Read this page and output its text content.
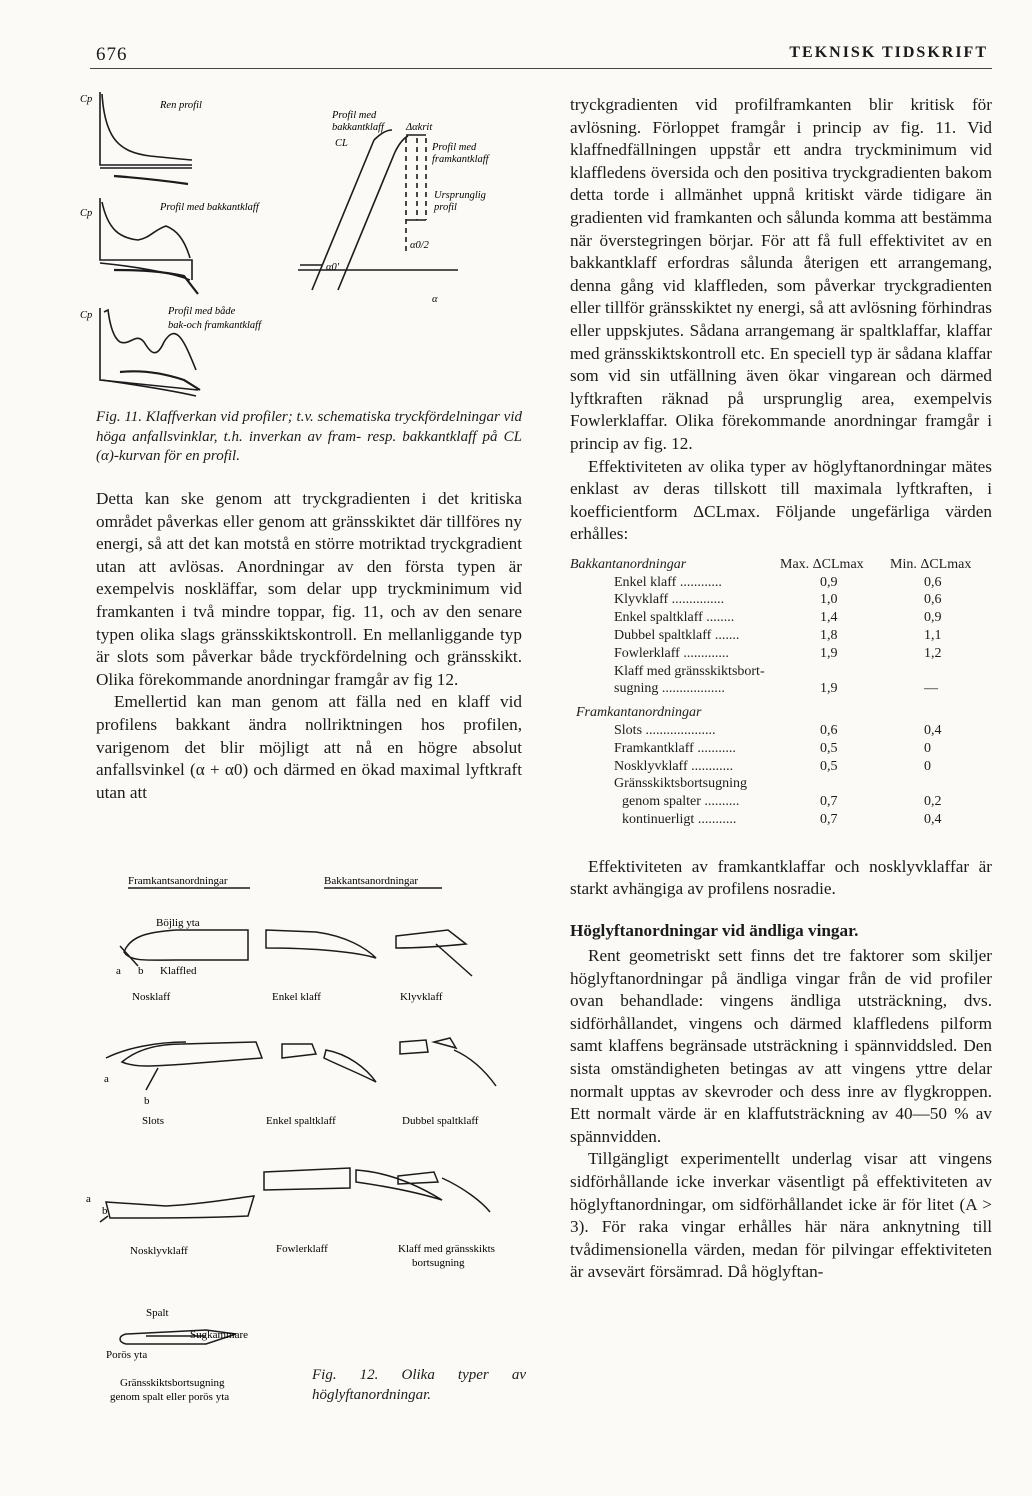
676	TEKNISK TIDSKRIFT
Cp
Cp
Cp
Ren profil
Profil med bakkantklaff
Profil med både
bak-och framkantklaff
Profil med
bakkantklaff
CL
Δαkrit
Profil med
framkantklaff
Ursprunglig
profil
α0/2
α0'
α
Fig. 11. Klaffverkan vid profiler; t.v. schematiska tryckfördelningar vid höga anfallsvinklar, t.h. inverkan av fram- resp. bakkantklaff på CL (α)-kurvan för en profil.

Detta kan ske genom att tryckgradienten i det kritiska området påverkas eller genom att gränsskiktet där tillföres ny energi, så att det kan motstå en större motriktad tryckgradient utan att avlösas. Anordningar av den första typen är exempelvis noskläffar, som delar upp tryckminimum vid framkanten i två mindre toppar, fig. 11, och av den senare typen olika slags gränsskiktskontroll. En mellanliggande typ är slots som påverkar både tryckfördelning och gränsskikt. Olika förekommande anordningar framgår av fig 12.

Emellertid kan man genom att fälla ned en klaff vid profilens bakkant ändra nollriktningen hos profilen, varigenom det blir möjligt att nå en högre absolut anfallsvinkel (α + α0) och därmed en ökad maximal lyftkraft utan att

Framkantsanordningar	Bakkantsanordningar
Böjlig yta
a b Klaffled
Nosklaff	Enkel klaff	Klyvklaff
a
b
Slots	Enkel spaltklaff	Dubbel spaltklaff
a
b
Nosklyvklaff	Fowlerklaff	Klaff med gränsskikts
bortsugning
Spalt
Sugkammare
Porös yta
Gränsskiktsbortsugning
genom spalt eller porös yta
Fig. 12. Olika typer av höglyftanordningar.

tryckgradienten vid profilframkanten blir kritisk för avlösning. Förloppet framgår i princip av fig. 11. Vid klaffnedfällningen uppstår ett andra tryckminimum vid klaffledens översida och den positiva tryckgradienten bakom detta torde i allmänhet uppnå kritiskt värde tidigare än gradienten vid framkanten och sålunda komma att bestämma när överstegringen börjar. För att få full effektivitet av en bakkantklaff erfordras sålunda återigen ett arrangemang, denna gång vid klaffleden, som påverkar tryckgradienten eller tillför gränsskiktet ny energi, så att avlösning förhindras eller uppskjutes. Sådana arrangemang är spaltklaffar, klaffar med gränsskiktskontroll etc. En speciell typ är sådana klaffar som vid sin utfällning även ökar vingarean och därmed lyftkraften räknad på ursprunglig area, exempelvis Fowlerklaffar. Olika förekommande anordningar framgår i princip av fig. 12.

Effektiviteten av olika typer av höglyftanordningar mätes enklast av deras tillskott till maximala lyftkraften, i koefficientform ΔCLmax. Följande ungefärliga värden erhålles:

Bakkantanordningar	Max. ΔCLmax Min. ΔCLmax
Enkel klaff ............	0,9	0,6
Klyvklaff ...............	1,0	0,6
Enkel spaltklaff ........	1,4	0,9
Dubbel spaltklaff .......	1,8	1,1
Fowlerklaff .............	1,9	1,2
Klaff med gränsskiktsbort-
sugning ..................	1,9	—
Framkantanordningar
Slots ....................	0,6	0,4
Framkantklaff ...........	0,5	0
Nosklyvklaff ............	0,5	0
Gränsskiktsbortsugning
genom spalter ..........	0,7	0,2
kontinuerligt ...........	0,7	0,4

Effektiviteten av framkantklaffar och nosklyvklaffar är starkt avhängiga av profilens nosradie.

Höglyftanordningar vid ändliga vingar.

Rent geometriskt sett finns det tre faktorer som skiljer höglyftanordningar på ändliga vingar från de vid profiler ovan behandlade: vingens ändliga utsträckning, dvs. sidförhållandet, vingens och därmed klaffledens pilform samt klaffens begränsade utsträckning i spännviddsled. Den sista omständigheten betingas av att vingens yttre delar normalt upptas av skevroder och dess inre av flygkroppen. Ett normalt värde är en klaffutsträckning av 40—50 % av spännvidden.

Tillgängligt experimentellt underlag visar att vingens sidförhållande icke inverkar väsentligt på effektiviteten av höglyftanordningar, om sidförhållandet icke är för litet (A > 3). För raka vingar erhålles här nära anknytning till tvådimensionella värden, medan för pilvingar effektiviteten är avsevärt försämrad. Då höglyftan-
